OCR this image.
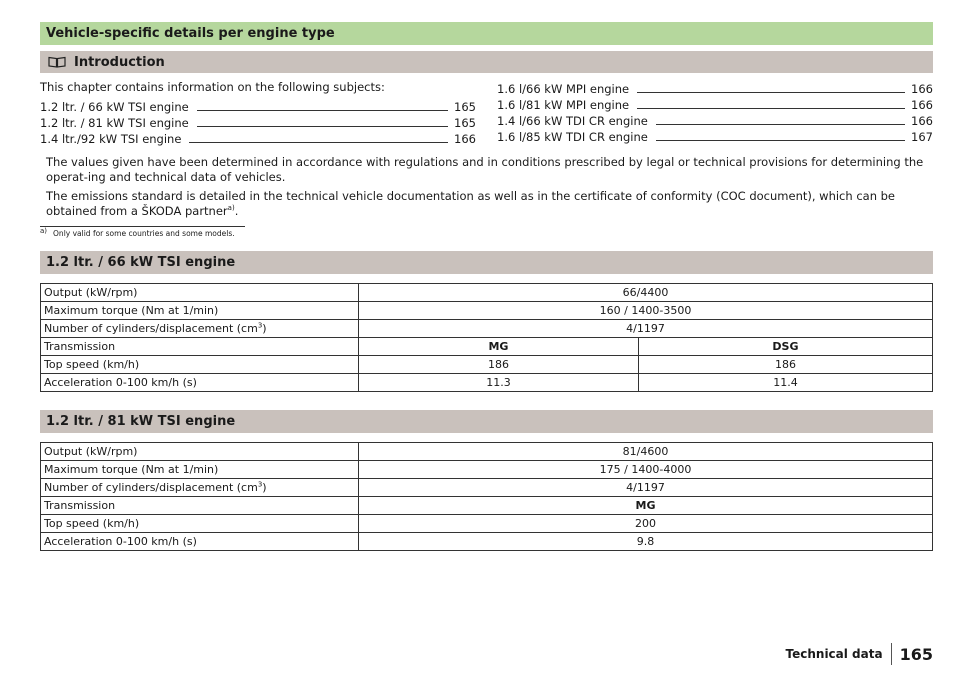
Vehicle-specific details per engine type
Introduction
This chapter contains information on the following subjects:
1.2 ltr. / 66 kW TSI engine	165
1.2 ltr. / 81 kW TSI engine	165
1.4 ltr./92 kW TSI engine	166
1.6 l/66 kW MPI engine	166
1.6 l/81 kW MPI engine	166
1.4 l/66 kW TDI CR engine	166
1.6 l/85 kW TDI CR engine	167
The values given have been determined in accordance with regulations and in conditions prescribed by legal or technical provisions for determining the operat-ing and technical data of vehicles.
The emissions standard is detailed in the technical vehicle documentation as well as in the certificate of conformity (COC document), which can be obtained from a ŠKODA partner$^{a)}$.
$^{a)}$ Only valid for some countries and some models.
1.2 ltr. / 66 kW TSI engine
Output (kW/rpm)	66/4400	
Maximum torque (Nm at 1/min)	160 / 1400-3500	
Number of cylinders/displacement $(cm^3)$	4/1197	
Transmission	MG	DSG
Top speed (km/h)	186	186
Acceleration 0-100 km/h (s)	11.3	11.4
1.2 ltr. / 81 kW TSI engine
Output (kW/rpm)	81/4600
Maximum torque (Nm at 1/min)	175 / 1400-4000
Number of cylinders/displacement $(cm^3)$	4/1197
Transmission	MG
Top speed (km/h)	200
Acceleration 0-100 km/h (s)	9.8
Technical data 165
